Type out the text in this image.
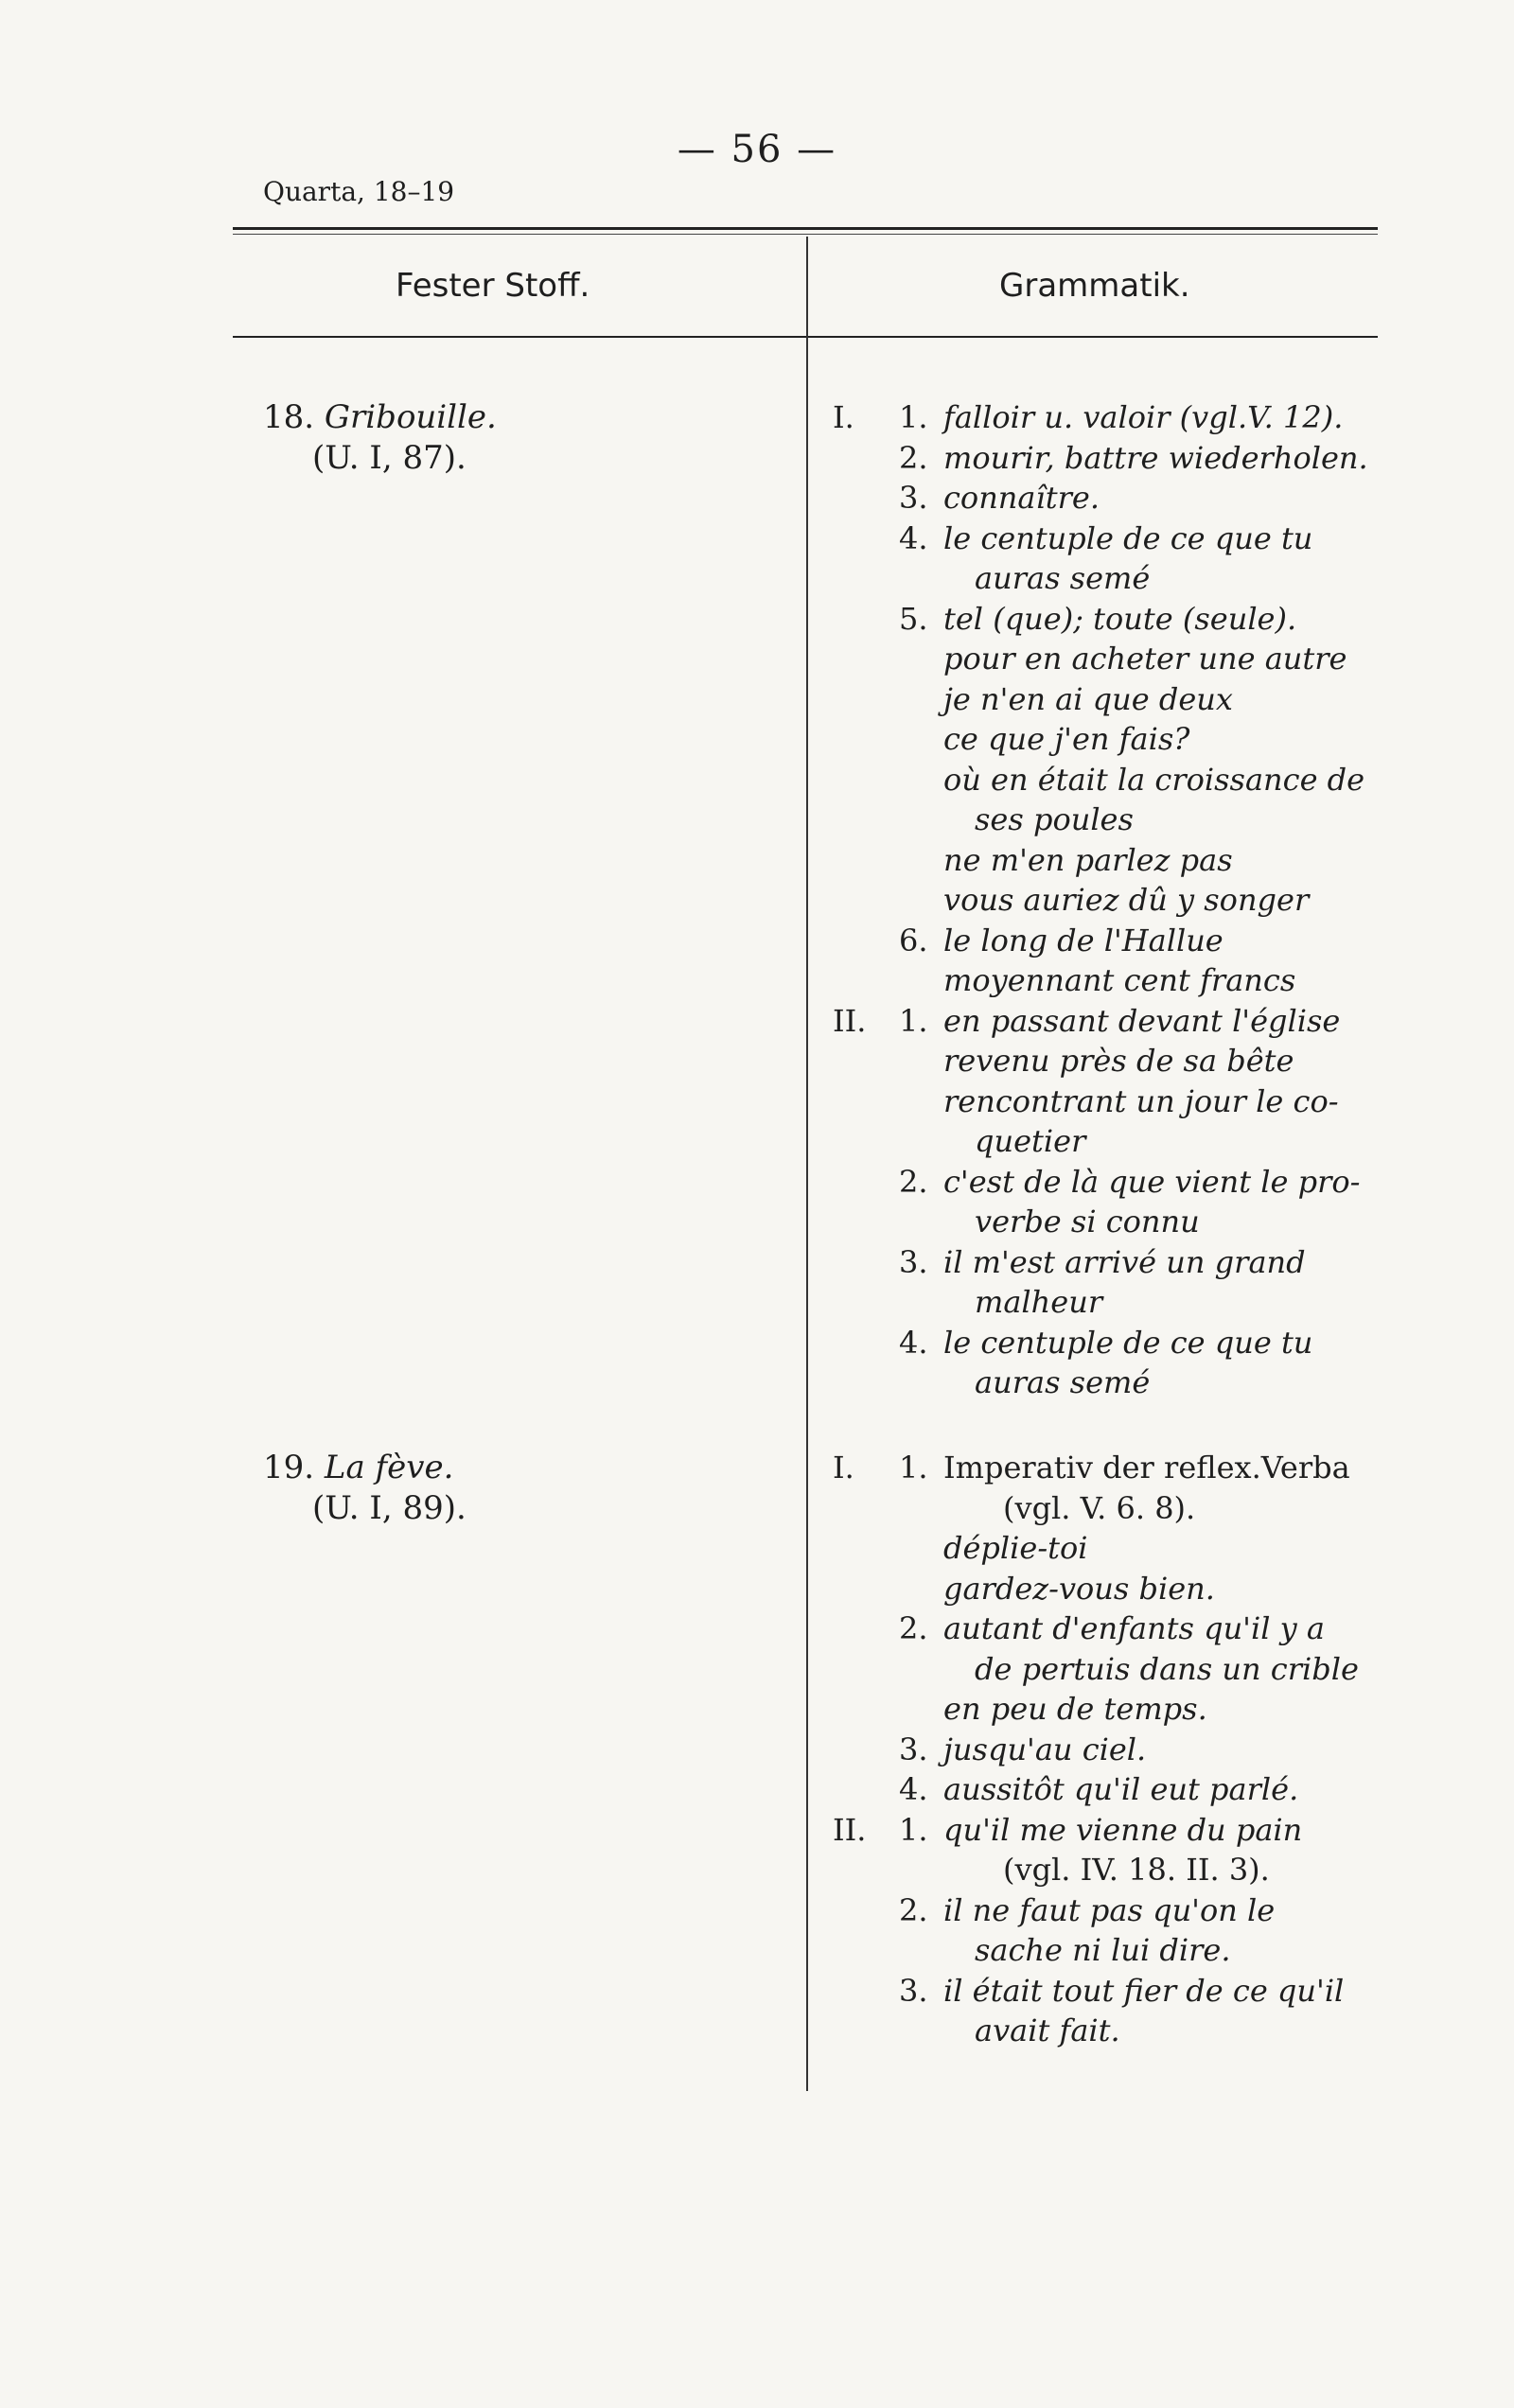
— 56 —
Quarta, 18–19
Fester Stoff.	Grammatik.
18. Gribouille.
(U. I, 87).
I. 1. falloir u. valoir (vgl.V. 12).
2. mourir, battre wiederholen.
3. connaître.
4. le centuple de ce que tu
auras semé
5. tel (que); toute (seule).
pour en acheter une autre
je n'en ai que deux
ce que j'en fais?
où en était la croissance de
ses poules
ne m'en parlez pas
vous auriez dû y songer
6. le long de l'Hallue
moyennant cent francs
II. 1. en passant devant l'église
revenu près de sa bête
rencontrant un jour le co-
quetier
2. c'est de là que vient le pro-
verbe si connu
3. il m'est arrivé un grand
malheur
4. le centuple de ce que tu
auras semé
19. La fève.
(U. I, 89).
I. 1. Imperativ der reflex.Verba
(vgl. V. 6. 8).
déplie-toi
gardez-vous bien.
2. autant d'enfants qu'il y a
de pertuis dans un crible
en peu de temps.
3. jusqu'au ciel.
4. aussitôt qu'il eut parlé.
II. 1. qu'il me vienne du pain
(vgl. IV. 18. II. 3).
2. il ne faut pas qu'on le
sache ni lui dire.
3. il était tout fier de ce qu'il
avait fait.
